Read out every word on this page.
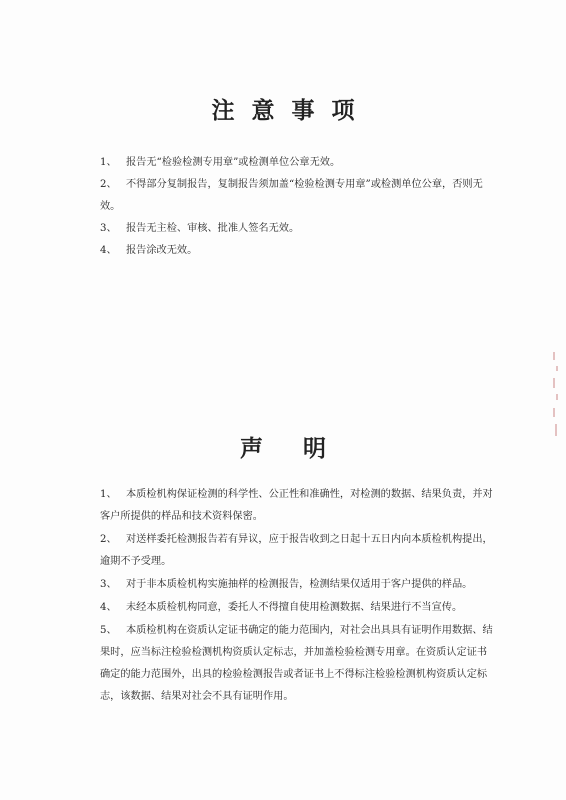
注意事项
1、 报告无“检验检测专用章”或检测单位公章无效。
2、 不得部分复制报告，复制报告须加盖“检验检测专用章”或检测单位公章，否则无效。
3、 报告无主检、审核、批准人签名无效。
4、 报告涂改无效。
声明
1、 本质检机构保证检测的科学性、公正性和准确性，对检测的数据、结果负责，并对客户所提供的样品和技术资料保密。
2、 对送样委托检测报告若有异议，应于报告收到之日起十五日内向本质检机构提出，逾期不予受理。
3、 对于非本质检机构实施抽样的检测报告，检测结果仅适用于客户提供的样品。
4、 未经本质检机构同意，委托人不得擅自使用检测数据、结果进行不当宣传。
5、 本质检机构在资质认定证书确定的能力范围内，对社会出具具有证明作用数据、结果时，应当标注检验检测机构资质认定标志，并加盖检验检测专用章。在资质认定证书确定的能力范围外，出具的检验检测报告或者证书上不得标注检验检测机构资质认定标志，该数据、结果对社会不具有证明作用。
